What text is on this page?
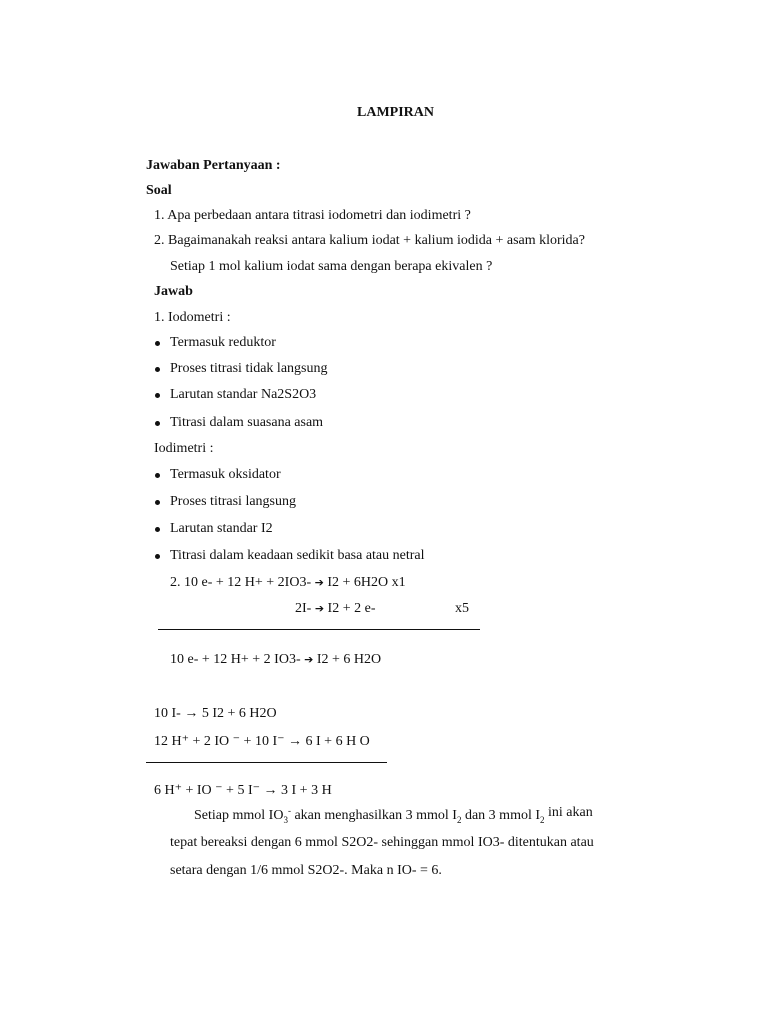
LAMPIRAN
Jawaban Pertanyaan :
Soal
1. Apa perbedaan antara titrasi iodometri dan iodimetri ?
2. Bagaimanakah reaksi antara kalium iodat + kalium iodida + asam klorida?
Setiap 1 mol kalium iodat sama dengan berapa ekivalen ?
Jawab
1. Iodometri :
Termasuk reduktor
Proses titrasi tidak langsung
Larutan standar Na2S2O3
Titrasi dalam suasana asam
Iodimetri :
Termasuk oksidator
Proses titrasi langsung
Larutan standar I2
Titrasi dalam keadaan sedikit basa atau netral
2. 10 e- + 12 H+ + 2IO3- ➔ I2 + 6H2O x1
2I- ➔ I2 + 2 e-	x5
10 e- + 12 H+ + 2 IO3- ➔ I2 + 6 H2O
10 I- → 5 I2 + 6 H2O
12 H⁺ + 2 IO ⁻ + 10 I⁻ → 6 I + 6 H O
6 H⁺ + IO ⁻ + 5 I⁻ → 3 I + 3 H
Setiap mmol $IO_3^-$ akan menghasilkan 3 mmol $I_2$ dan 3 mmol $I_2$ ini akan
tepat bereaksi dengan 6 mmol S2O2- sehinggan mmol IO3- ditentukan atau
setara dengan 1/6 mmol S2O2-. Maka n IO- = 6.
